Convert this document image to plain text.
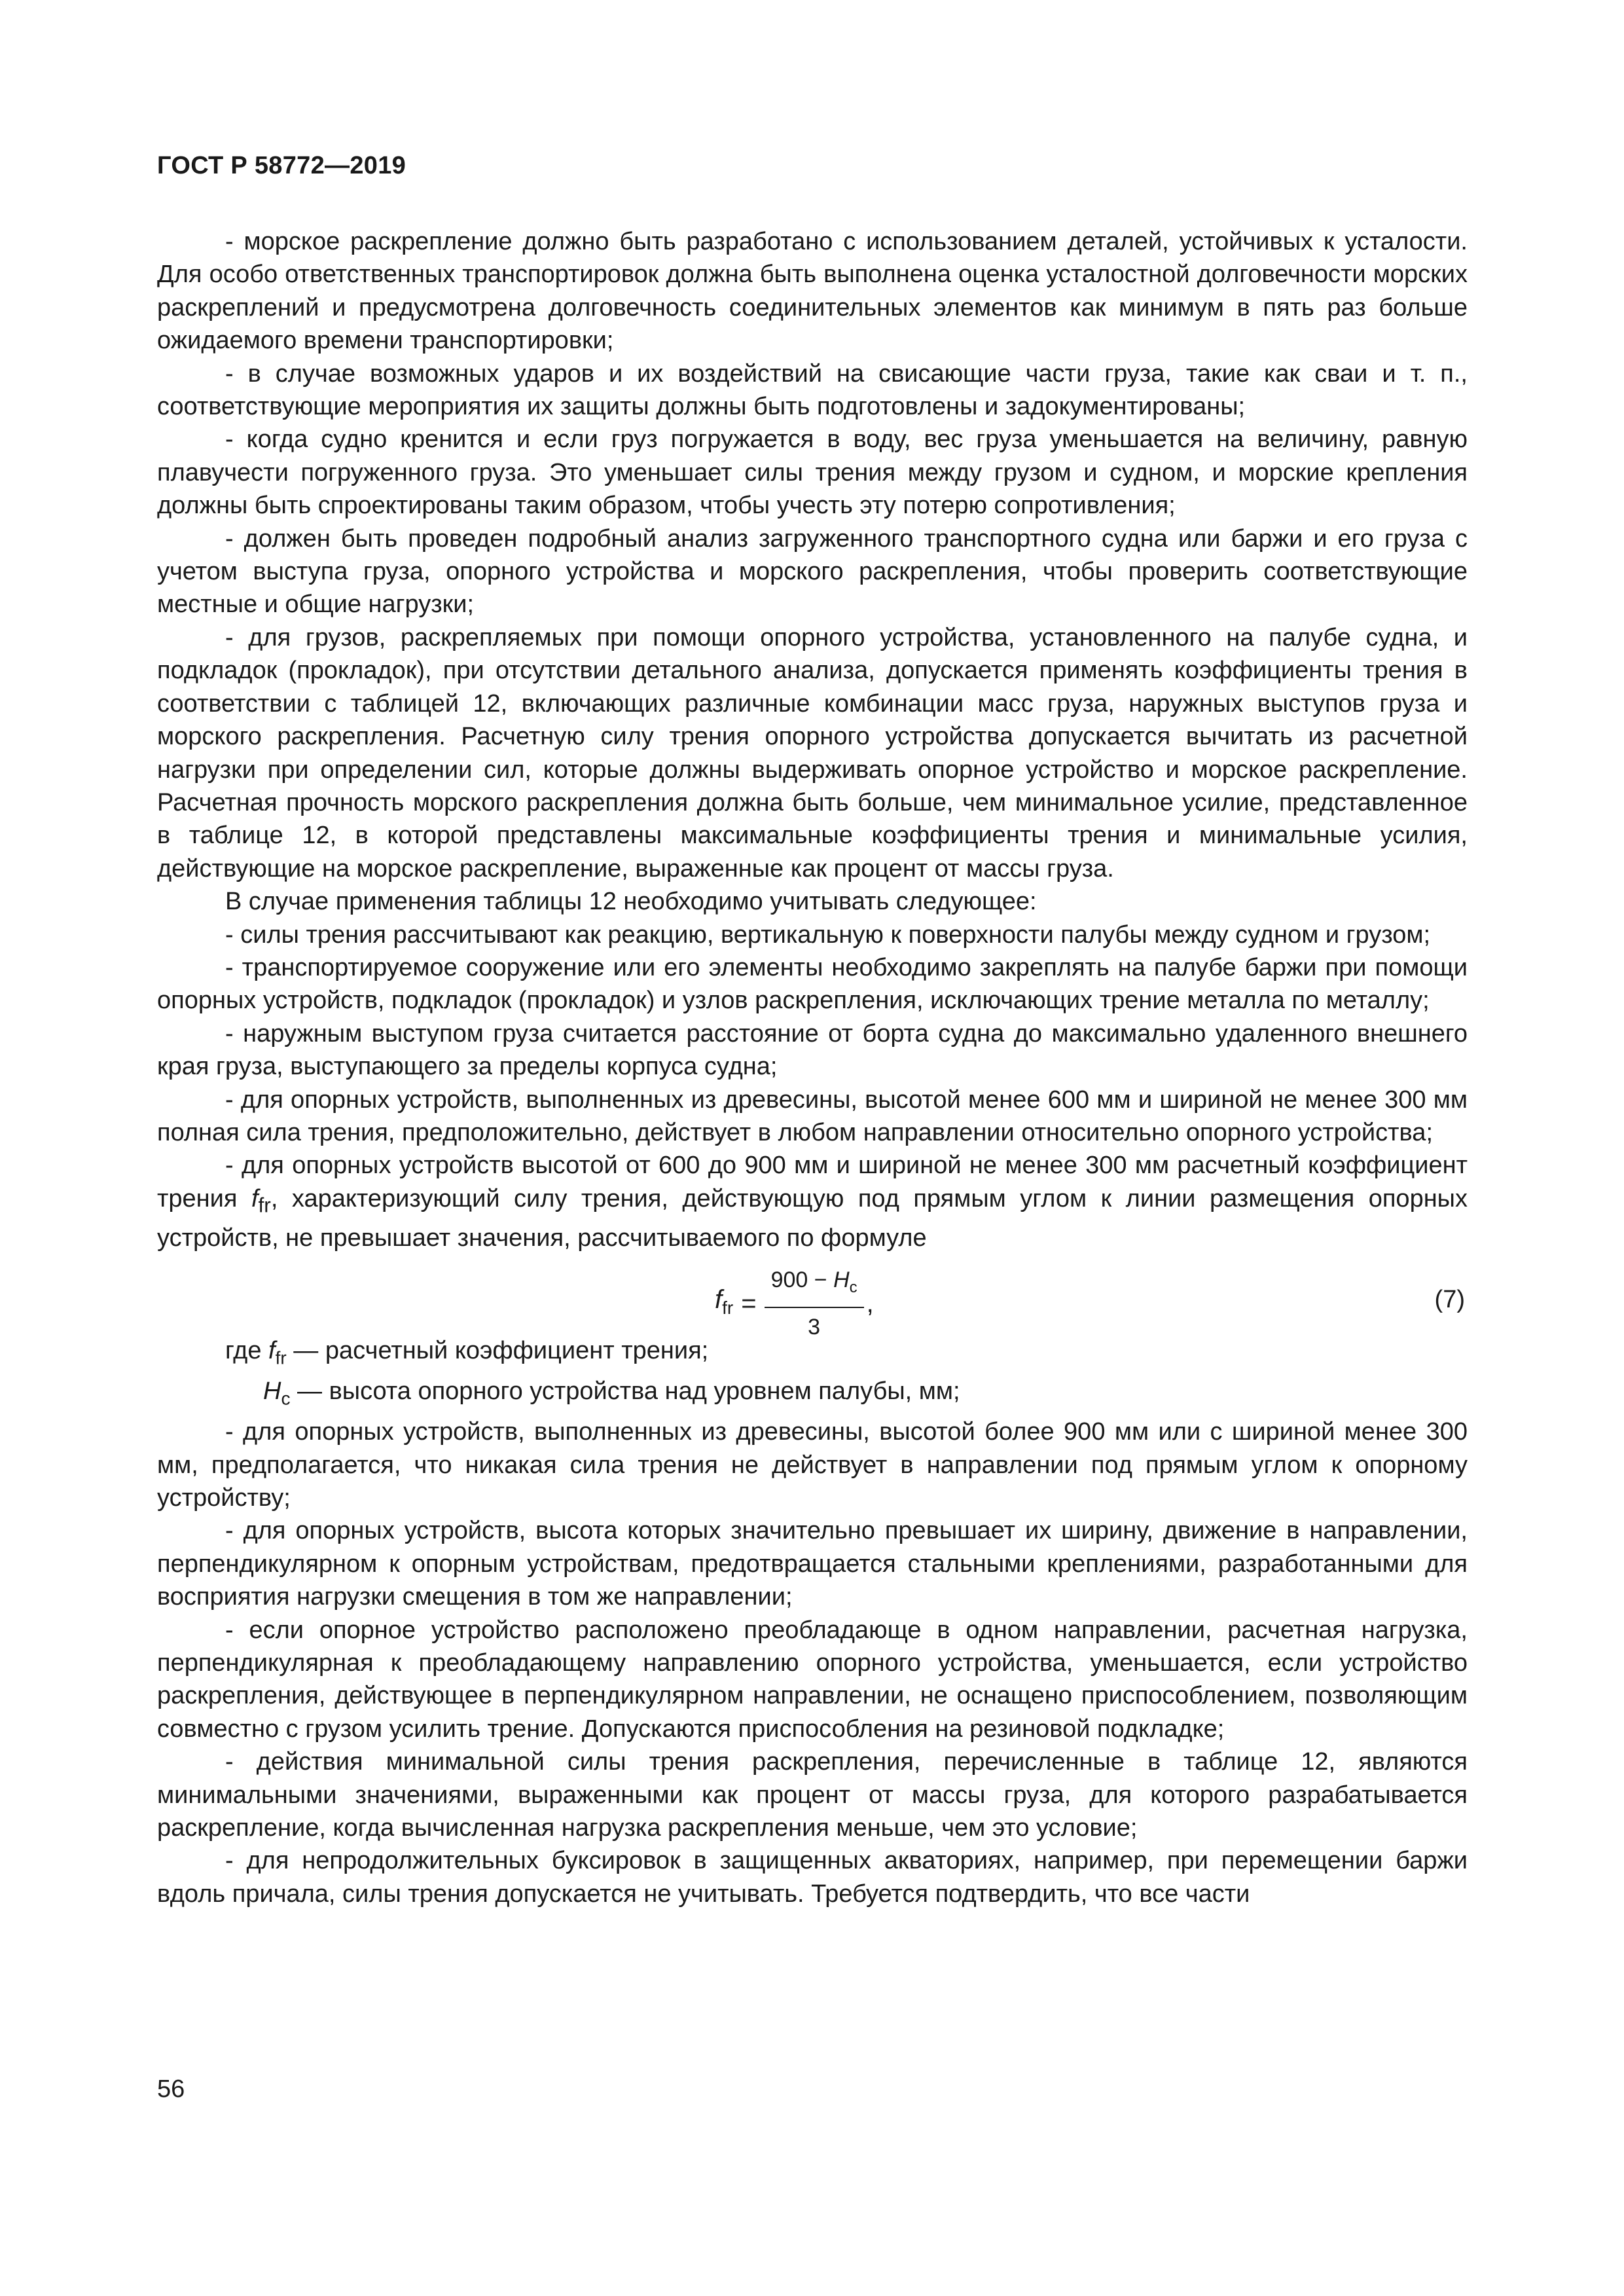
ГОСТ Р 58772—2019

- морское раскрепление должно быть разработано с использованием деталей, устойчивых к усталости. Для особо ответственных транспортировок должна быть выполнена оценка усталостной долговечности морских раскреплений и предусмотрена долговечность соединительных элементов как минимум в пять раз больше ожидаемого времени транспортировки;

- в случае возможных ударов и их воздействий на свисающие части груза, такие как сваи и т. п., соответствующие мероприятия их защиты должны быть подготовлены и задокументированы;

- когда судно кренится и если груз погружается в воду, вес груза уменьшается на величину, равную плавучести погруженного груза. Это уменьшает силы трения между грузом и судном, и морские крепления должны быть спроектированы таким образом, чтобы учесть эту потерю сопротивления;

- должен быть проведен подробный анализ загруженного транспортного судна или баржи и его груза с учетом выступа груза, опорного устройства и морского раскрепления, чтобы проверить соответствующие местные и общие нагрузки;

- для грузов, раскрепляемых при помощи опорного устройства, установленного на палубе судна, и подкладок (прокладок), при отсутствии детального анализа, допускается применять коэффициенты трения в соответствии с таблицей 12, включающих различные комбинации масс груза, наружных выступов груза и морского раскрепления. Расчетную силу трения опорного устройства допускается вычитать из расчетной нагрузки при определении сил, которые должны выдерживать опорное устройство и морское раскрепление. Расчетная прочность морского раскрепления должна быть больше, чем минимальное усилие, представленное в таблице 12, в которой представлены максимальные коэффициенты трения и минимальные усилия, действующие на морское раскрепление, выраженные как процент от массы груза.

В случае применения таблицы 12 необходимо учитывать следующее:

- силы трения рассчитывают как реакцию, вертикальную к поверхности палубы между судном и грузом;

- транспортируемое сооружение или его элементы необходимо закреплять на палубе баржи при помощи опорных устройств, подкладок (прокладок) и узлов раскрепления, исключающих трение металла по металлу;

- наружным выступом груза считается расстояние от борта судна до максимально удаленного внешнего края груза, выступающего за пределы корпуса судна;

- для опорных устройств, выполненных из древесины, высотой менее 600 мм и шириной не менее 300 мм полная сила трения, предположительно, действует в любом направлении относительно опорного устройства;

- для опорных устройств высотой от 600 до 900 мм и шириной не менее 300 мм расчетный коэффициент трения $f_{fr}$, характеризующий силу трения, действующую под прямым углом к линии размещения опорных устройств, не превышает значения, рассчитываемого по формуле

$f_{fr} = \frac{900 - H_c}{3}$ ,	(7)

где $f_{fr}$ — расчетный коэффициент трения;

$H_c$ — высота опорного устройства над уровнем палубы, мм;

- для опорных устройств, выполненных из древесины, высотой более 900 мм или с шириной менее 300 мм, предполагается, что никакая сила трения не действует в направлении под прямым углом к опорному устройству;

- для опорных устройств, высота которых значительно превышает их ширину, движение в направлении, перпендикулярном к опорным устройствам, предотвращается стальными креплениями, разработанными для восприятия нагрузки смещения в том же направлении;

- если опорное устройство расположено преобладающе в одном направлении, расчетная нагрузка, перпендикулярная к преобладающему направлению опорного устройства, уменьшается, если устройство раскрепления, действующее в перпендикулярном направлении, не оснащено приспособлением, позволяющим совместно с грузом усилить трение. Допускаются приспособления на резиновой подкладке;

- действия минимальной силы трения раскрепления, перечисленные в таблице 12, являются минимальными значениями, выраженными как процент от массы груза, для которого разрабатывается раскрепление, когда вычисленная нагрузка раскрепления меньше, чем это условие;

- для непродолжительных буксировок в защищенных акваториях, например, при перемещении баржи вдоль причала, силы трения допускается не учитывать. Требуется подтвердить, что все части

56
